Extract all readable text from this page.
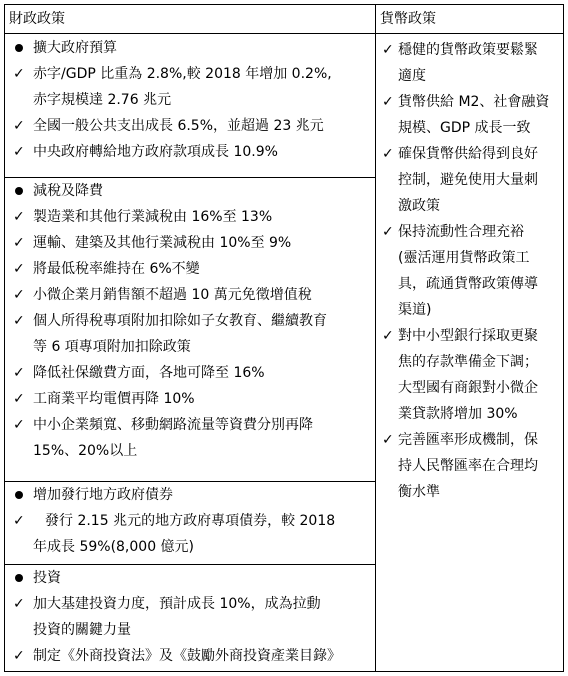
財政政策	貨幣政策
擴大政府預算
✓ 赤字/GDP 比重為 2.8%,較 2018 年增加 0.2%,
赤字規模達 2.76 兆元
✓ 全國一般公共支出成長 6.5%，並超過 23 兆元
✓ 中央政府轉給地方政府款項成長 10.9%
減稅及降費
✓ 製造業和其他行業減稅由 16%至 13%
✓ 運輸、建築及其他行業減稅由 10%至 9%
✓ 將最低稅率維持在 6%不變
✓ 小微企業月銷售額不超過 10 萬元免徵增值稅
✓ 個人所得稅專項附加扣除如子女教育、繼續教育
等 6 項專項附加扣除政策
✓ 降低社保繳費方面，各地可降至 16%
✓ 工商業平均電價再降 10%
✓ 中小企業頻寬、移動網路流量等資費分別再降
15%、20%以上
增加發行地方政府債券
✓ 發行 2.15 兆元的地方政府專項債券，較 2018
年成長 59%(8,000 億元)
投資
✓ 加大基建投資力度，預計成長 10%，成為拉動
投資的關鍵力量
✓ 制定《外商投資法》及《鼓勵外商投資產業目錄》
✓ 穩健的貨幣政策要鬆緊
適度
✓ 貨幣供給 M2、社會融資
規模、GDP 成長一致
✓ 確保貨幣供給得到良好
控制，避免使用大量刺
激政策
✓ 保持流動性合理充裕
(靈活運用貨幣政策工
具，疏通貨幣政策傳導
渠道)
✓ 對中小型銀行採取更聚
焦的存款準備金下調；
大型國有商銀對小微企
業貸款將增加 30%
✓ 完善匯率形成機制，保
持人民幣匯率在合理均
衡水準
